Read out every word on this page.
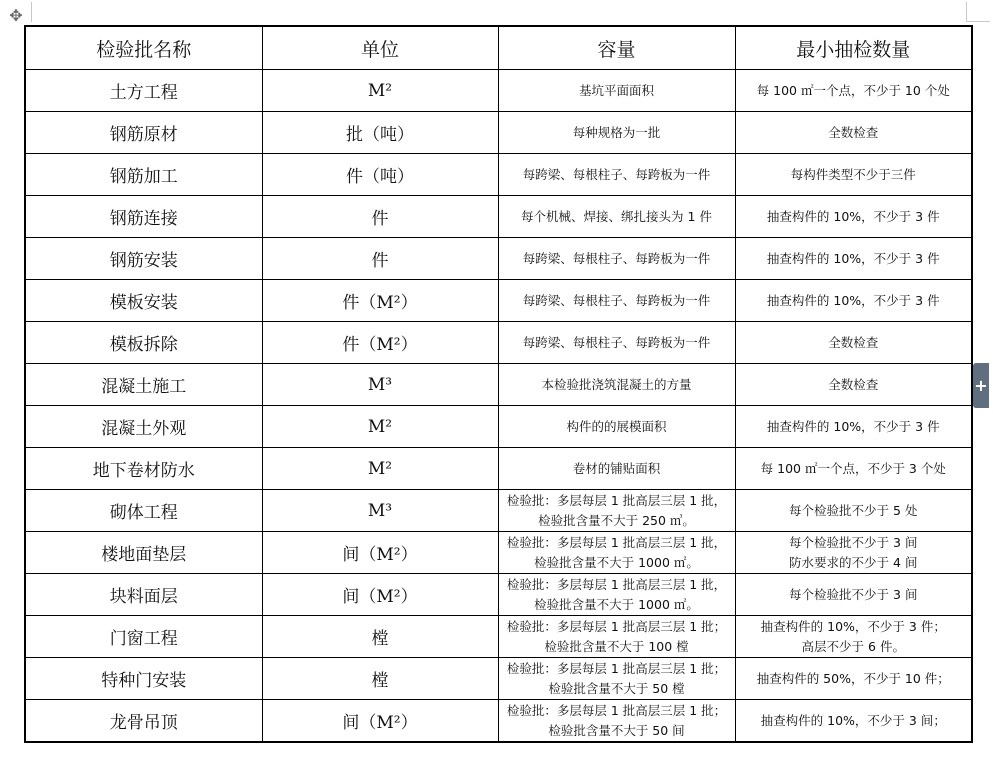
✥
检验批名称	单位	容量	最小抽检数量
土方工程	M²	基坑平面面积	每 100 ㎡一个点，不少于 10 个处

钢筋原材	批（吨）	每种规格为一批	全数检查

钢筋加工	件（吨）	每跨梁、每根柱子、每跨板为一件	每构件类型不少于三件

钢筋连接	件	每个机械、焊接、绑扎接头为 1 件	抽查构件的 10%，不少于 3 件

钢筋安装	件	每跨梁、每根柱子、每跨板为一件	抽查构件的 10%，不少于 3 件

模板安装	件（M²）	每跨梁、每根柱子、每跨板为一件	抽查构件的 10%，不少于 3 件

模板拆除	件（M²）	每跨梁、每根柱子、每跨板为一件	全数检查

混凝土施工	M³	本检验批浇筑混凝土的方量	全数检查

混凝土外观	M²	构件的的展模面积	抽查构件的 10%，不少于 3 件

地下卷材防水	M²	卷材的铺贴面积	每 100 ㎡一个点，不少于 3 个处

砌体工程	M³	检验批：多层每层 1 批高层三层 1 批，
检验批含量不大于 250 ㎥。	每个检验批不少于 5 处

楼地面垫层	间（M²）	检验批：多层每层 1 批高层三层 1 批，
检验批含量不大于 1000 ㎡。	每个检验批不少于 3 间
防水要求的不少于 4 间

块料面层	间（M²）	检验批：多层每层 1 批高层三层 1 批，
检验批含量不大于 1000 ㎡。	每个检验批不少于 3 间

门窗工程	樘	检验批：多层每层 1 批高层三层 1 批；
检验批含量不大于 100 樘	抽查构件的 10%，不少于 3 件；
高层不少于 6 件。

特种门安装	樘	检验批：多层每层 1 批高层三层 1 批；
检验批含量不大于 50 樘	抽查构件的 50%，不少于 10 件；

龙骨吊顶	间（M²）	检验批：多层每层 1 批高层三层 1 批；
检验批含量不大于 50 间	抽查构件的 10%，不少于 3 间；
+
